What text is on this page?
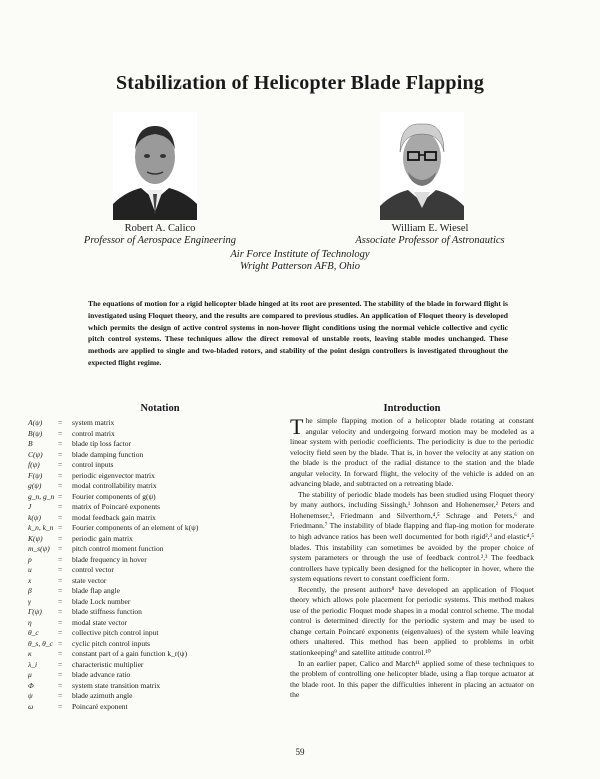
Stabilization of Helicopter Blade Flapping
Robert A. Calico
Professor of Aerospace Engineering
William E. Wiesel
Associate Professor of Astronautics
Air Force Institute of Technology
Wright Patterson AFB, Ohio
The equations of motion for a rigid helicopter blade hinged at its root are presented. The stability of the blade in forward flight is investigated using Floquet theory, and the results are compared to previous studies. An application of Floquet theory is developed which permits the design of active control systems in non-hover flight conditions using the normal vehicle collective and cyclic pitch control systems. These techniques allow the direct removal of unstable roots, leaving stable modes unchanged. These methods are applied to single and two-bladed rotors, and stability of the point design controllers is investigated throughout the expected flight regime.
Notation
A(ψ)	= system matrix
B(ψ)	= control matrix
B	= blade tip loss factor
C(ψ)	= blade damping function
f(ψ)	= control inputs
F(ψ)	= periodic eigenvector matrix
g(ψ)	= modal controllability matrix
g_n, g_n = Fourier components of g(ψ)
J	= matrix of Poincaré exponents
k(ψ)	= modal feedback gain matrix
k_n, k_n = Fourier components of an element of k(ψ)
K(ψ)	= periodic gain matrix
m_s(ψ)	= pitch control moment function
p	= blade frequency in hover
u	= control vector
x	= state vector
β	= blade flap angle
γ	= blade Lock number
Γ(ψ)	= blade stiffness function
η	= modal state vector
θ_c	= collective pitch control input
θ_s, θ_c = cyclic pitch control inputs
κ	= constant part of a gain function k_r(ψ)
λ_i	= characteristic multiplier
μ	= blade advance ratio
Φ	= system state transition matrix
ψ	= blade azimuth angle
ω	= Poincaré exponent
Introduction

The simple flapping motion of a helicopter blade rotating at constant angular velocity and undergoing forward motion may be modeled as a linear system with periodic coefficients. The periodicity is due to the periodic velocity field seen by the blade. That is, in hover the velocity at any station on the blade is the product of the radial distance to the station and the blade angular velocity. In forward flight, the velocity of the vehicle is added on an advancing blade, and subtracted on a retreating blade.

The stability of periodic blade models has been studied using Floquet theory by many authors, including Sissingh,¹ Johnson and Hohenemser,² Peters and Hohenemser,³, Friedmann and Silverthorn,⁴,⁵ Schrage and Peters,⁶ and Friedmann.⁷ The instability of blade flapping and flap-ing motion for moderate to high advance ratios has been well documented for both rigid²,³ and elastic⁴,⁵ blades. This instability can sometimes be avoided by the proper choice of system parameters or through the use of feedback control.²,³ The feedback controllers have typically been designed for the helicopter in hover, where the system equations revert to constant coefficient form.

Recently, the present authors⁸ have developed an application of Floquet theory which allows pole placement for periodic systems. This method makes use of the periodic Floquet mode shapes in a modal control scheme. The modal control is determined directly for the periodic system and may be used to change certain Poincaré exponents (eigenvalues) of the system while leaving others unaltered. This method has been applied to problems in orbit stationkeeping⁹ and satellite attitude control.¹⁰

In an earlier paper, Calico and March¹¹ applied some of these techniques to the problem of controlling one helicopter blade, using a flap torque actuator at the blade root. In this paper the difficulties inherent in placing an actuator on the

59
